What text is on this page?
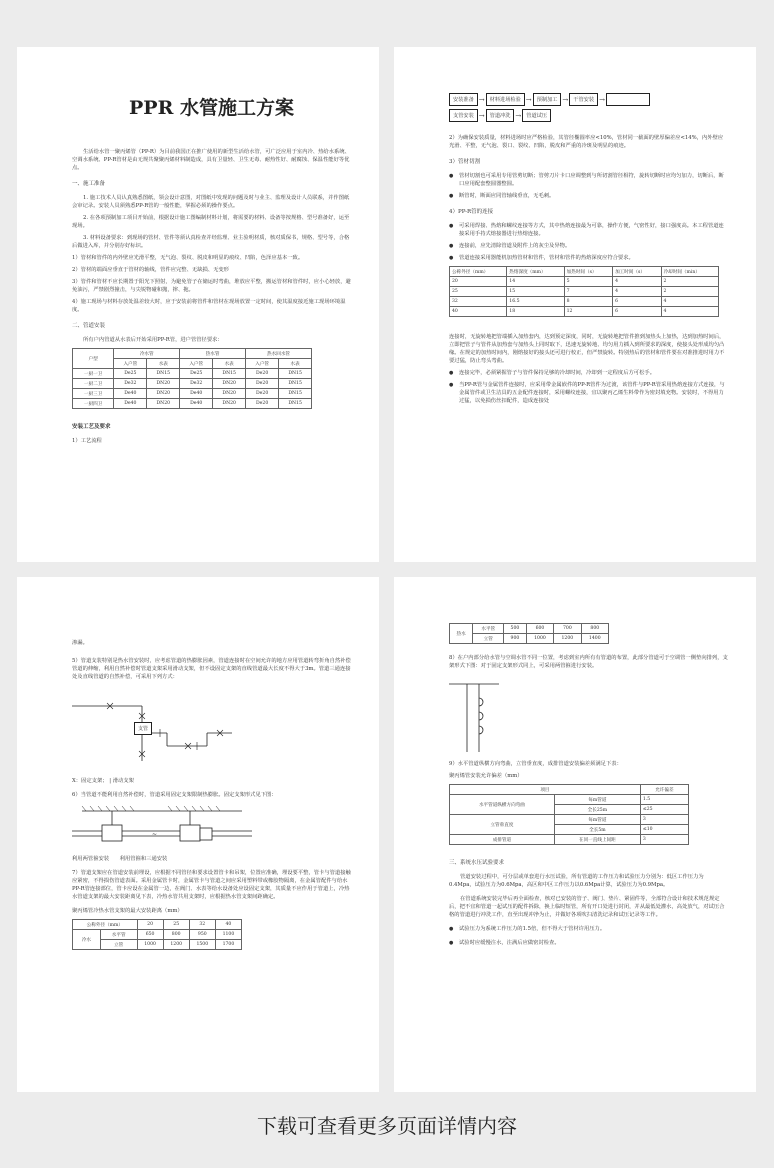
PPR 水管施工方案

生活给水管一聚丙烯管（PP-R）为目前我国正在推广使用的新型生活给水管，可广泛应用于室内冷、热给水系统、空调水系统、PP-R管材是由无规共聚聚丙烯材料制造成，具有卫量轻、卫生无毒、耐热性好、耐腐蚀、保温性能好等优点。

一、施工准备

1. 施工技术人员认真熟悉图纸，领会设计意图，对图纸中发现的问题及时与业主、监理及设计人员联系，并作图纸会审记录。安装人员须熟悉PP-R管的一般性能，掌握必须的操作要点。

2. 在各项预制加工项目开始前，根据设计施工图编制材料计划，将需要的材料、设备等按规格、型号准备好，运至现场。

3. 材料设备要求：到现场的管材、管件等须认真检查并经监理、业主验明材质，核对质保书，规格、型号等，合格后做进入库，并分别存好标识。

1）管材和管件的内外壁应光滑平整，无气泡、裂纹、脱皮和明显的痕纹、凹陷，色泽应基本一致。

2）管材的端面应垂直于管材的轴线，管件应完整、无缺损、无变形

3）管件和管材不应长期置于阳光下照射，为避免管子在储运时弯曲，堆放应平整，搬运管材和管件时，应小心轻放，避免油污，严禁剧烈撞击，与尖锐物碰和抛，摔、拖。

4）施工现场与材料存放处温差较大时，应于安装前将管件和管材在现场放置一定时间，使其温度接近施工现场环境温度。

二、管道安装

所有户内管道从水表后开始采用PP-R管，进户管管径要求：

户型	冷水管		热水管		热水回水管	
	入户管	水表	入户管	水表	入户管	水表
一厨一卫	De25	DN15	De25	DN15	De20	DN15
一厨二卫	De32	DN20	De32	DN20	De20	DN15
一厨三卫	De40	DN20	De40	DN20	De20	DN15
一厨四卫	De40	DN20	De40	DN20	De20	DN15

安装工艺及要求

1）工艺流程

安装准备 → 材料进场检验 → 预制加工 → 干管安装 →
支管安装 → 管道冲洗 → 管道试压

2）为确保安装质量，材料进场时应严格检验，其管径椭圆率应<10%，管材同一截面的壁厚偏差应<14%，内外壁应光滑、平整，无气泡、裂口、裂纹、凹陷，脱皮和严重的冷斑及明显的痕迹。

3）管材切割

● 管材切割也可采用专用管剪切断；管剪刀片卡口应调整到与所切割管径相符，旋转切断时应均匀加力，切断后，断口应用配套整圆器整圆。

● 断管时，断面应同管轴线垂直，无毛刺。

4）PP-R管的连接

● 可采用焊接、热熔和螺纹连接等方式，其中热熔连接最为可靠，操作方便，气密性好，接口强度高。本工程管道连接采用手持式熔接器进行热熔连接。

● 连接前，应先清除管道及附件上的灰尘及异物。

● 管道连接采用器能机加热管材和管件，管材和管件的热熔深度应符合要求。

公称外径（mm）	热熔深度（mm）	加热时间（s）	加工时间（s）	冷却时间（min）
20	14	5	4	2
25	15	7	4	2
32	16.5	8	6	4
40	18	12	6	4

连接时，无旋转地把管端插入加热套内，达到预定深度，同时，无旋转地把管件推到加热头上加热，达到加热时间后，立即把管子与管件从加热套与加热头上同时取下，迅速无旋转地、均匀用力插入到所要求的深度，使接头处形成均匀凸缘。在规定的加热时间内，刚熔接好的接头还可进行校正，但严禁旋转。特别热后的管材和管件要在对准推进时用力不要过猛，防止弯头弯曲。

● 连接完毕，必须紧握管子与管件保持足够的冷却时间，冷却到一定程度后方可松手。

● 当PP-R管与金属管件连接时，应采用带金属嵌件的PP-R管件为过渡，该管件与PP-R管采用热熔连接方式连接，与金属管件或卫生洁具的五金配件连接时，采用螺纹连接，宜以聚丙乙烯生料带作为密封填充物。安装时，不得用力过猛，以免损伤丝扣配件，造成连接处

渗漏。

5）管道支装特别是热水管安装时，应考虑管道的热膨胀因素，管道连接时在空间允许的地方应用管道转弯折角自然补偿管道的伸缩，利用自然补偿时管道支架采用滑动支架，但不设固定支架的直线管道最大长度不得大于3m。管道三通连接处及直线管道的自然补偿，可采用下列方式：

支管

X：固定支架； | 滑动支架

6）当管道不能利用自然补偿时，管道采用固定支架限制热膨胀。固定支架形式见下图：

~

利用两管箍安装　　利用管箍和三通安装

7）管道支架应在管道安装前埋设，应根据不同管径和要求设置管卡和吊架，位置应准确，埋设要平整，管卡与管道接触应紧密，不得损伤管道表面。采用金属管卡时，金属管卡与管道之间应采用塑料带或橡胶物隔离，在金属管配件与给水PP-R管连接部位，管卡应设在金属管一边，在阀门、水表等给水设备处应设固定支架，其质量不应作用于管道上，冷热水管道支架的最大安装距离见下表，冷热水管共用支架时，应根据热水管支架间距确定。

聚丙烯管冷热水管支架的最大安装距离（mm）

公称外径（mm）		20	25	32	40
冷水	水平管	650	800	950	1100
	立管	1000	1200	1500	1700
热水	水平管	500	600	700	800
	立管	900	1000	1200	1400

8）在户内部分给水管与空调水管不同一位置，考虑到室内所有有管道的布置，此部分管道可于空调管一侧垫向排列，支架形式下图：对于固定支架形式同上，可采用两管箍进行安装。

9）水平管道纵横方向弯曲，立管垂直度，成排管道安装偏差须满足下表：

聚丙烯管安装允许偏差（mm）

项目		允许偏差
水平管道纵横方向弯曲	每m管道	1.5
	全长25m	≤25
立管垂直度	每m管道	3
	全长5m	≤10
成排管道	在同一直线上间距	3

三、系统水压试验要求

管道安装过程中，可分层或单套进行水压试验，所有管道的工作压力和试验压力分别为：低区工作压力为0.4Mpa，试验压力为0.6Mpa，高区和中区工作压力以0.6Mpa计算，试验压力为0.9Mpa。

在管道系统安装完毕后再全面检查，核对已安装的管子、阀门、垫片、紧固件等，全部符合设计和技术规范规定后，把不宜和管道一起试压的配件拆除，换上临时短管，所有开口处进行封闭，并从最低处灌水，高处放气，对试压合格的管道进行冲洗工作，直至出现冲净为止，并做好各项吹扫清洗记录和试压记录等工作。

● 试验压力为系统工作压力的1.5倍，但不得大于管材许用压力。

● 试验时应缓慢注水，注满后应做密封检查。

下载可查看更多页面详情内容
